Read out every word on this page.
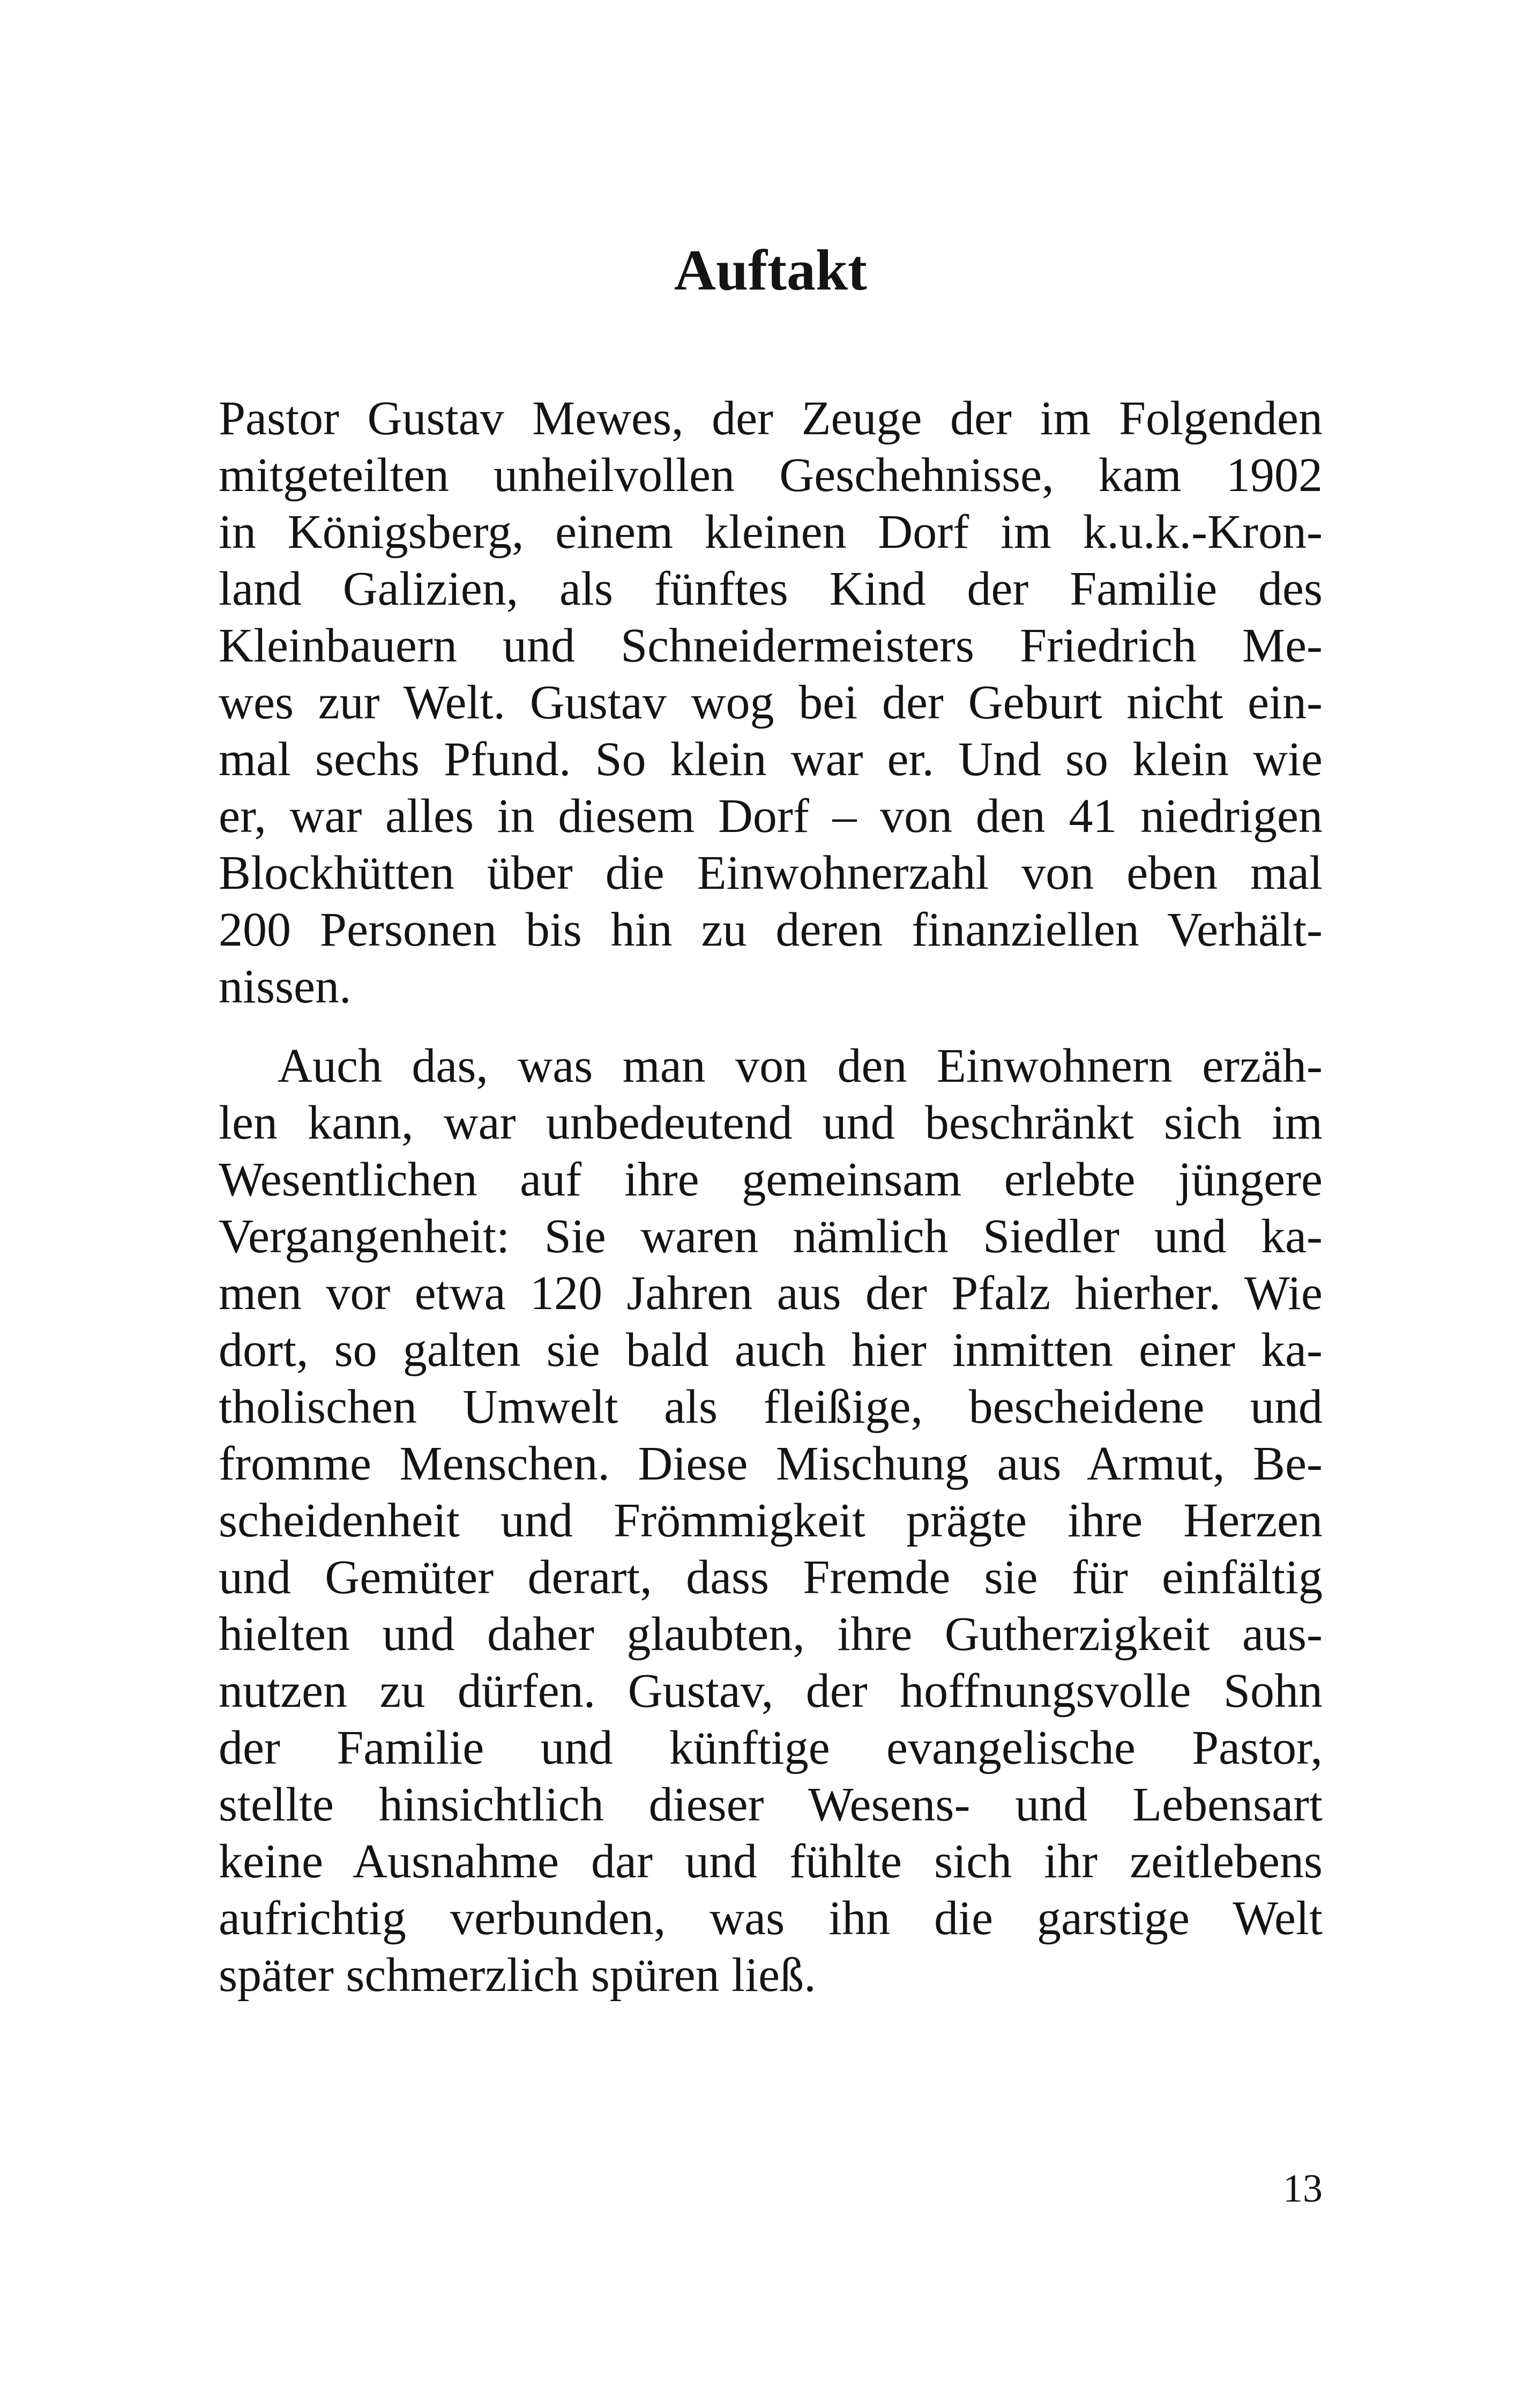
Auftakt
Pastor Gustav Mewes, der Zeuge der im Folgenden
mitgeteilten unheilvollen Geschehnisse, kam 1902
in Königsberg, einem kleinen Dorf im k.u.k.-Kron-
land Galizien, als fünftes Kind der Familie des
Kleinbauern und Schneidermeisters Friedrich Me-
wes zur Welt. Gustav wog bei der Geburt nicht ein-
mal sechs Pfund. So klein war er. Und so klein wie
er, war alles in diesem Dorf – von den 41 niedrigen
Blockhütten über die Einwohnerzahl von eben mal
200 Personen bis hin zu deren finanziellen Verhält-
nissen.
Auch das, was man von den Einwohnern erzäh-
len kann, war unbedeutend und beschränkt sich im
Wesentlichen auf ihre gemeinsam erlebte jüngere
Vergangenheit: Sie waren nämlich Siedler und ka-
men vor etwa 120 Jahren aus der Pfalz hierher. Wie
dort, so galten sie bald auch hier inmitten einer ka-
tholischen Umwelt als fleißige, bescheidene und
fromme Menschen. Diese Mischung aus Armut, Be-
scheidenheit und Frömmigkeit prägte ihre Herzen
und Gemüter derart, dass Fremde sie für einfältig
hielten und daher glaubten, ihre Gutherzigkeit aus-
nutzen zu dürfen. Gustav, der hoffnungsvolle Sohn
der Familie und künftige evangelische Pastor,
stellte hinsichtlich dieser Wesens- und Lebensart
keine Ausnahme dar und fühlte sich ihr zeitlebens
aufrichtig verbunden, was ihn die garstige Welt
später schmerzlich spüren ließ.
13
